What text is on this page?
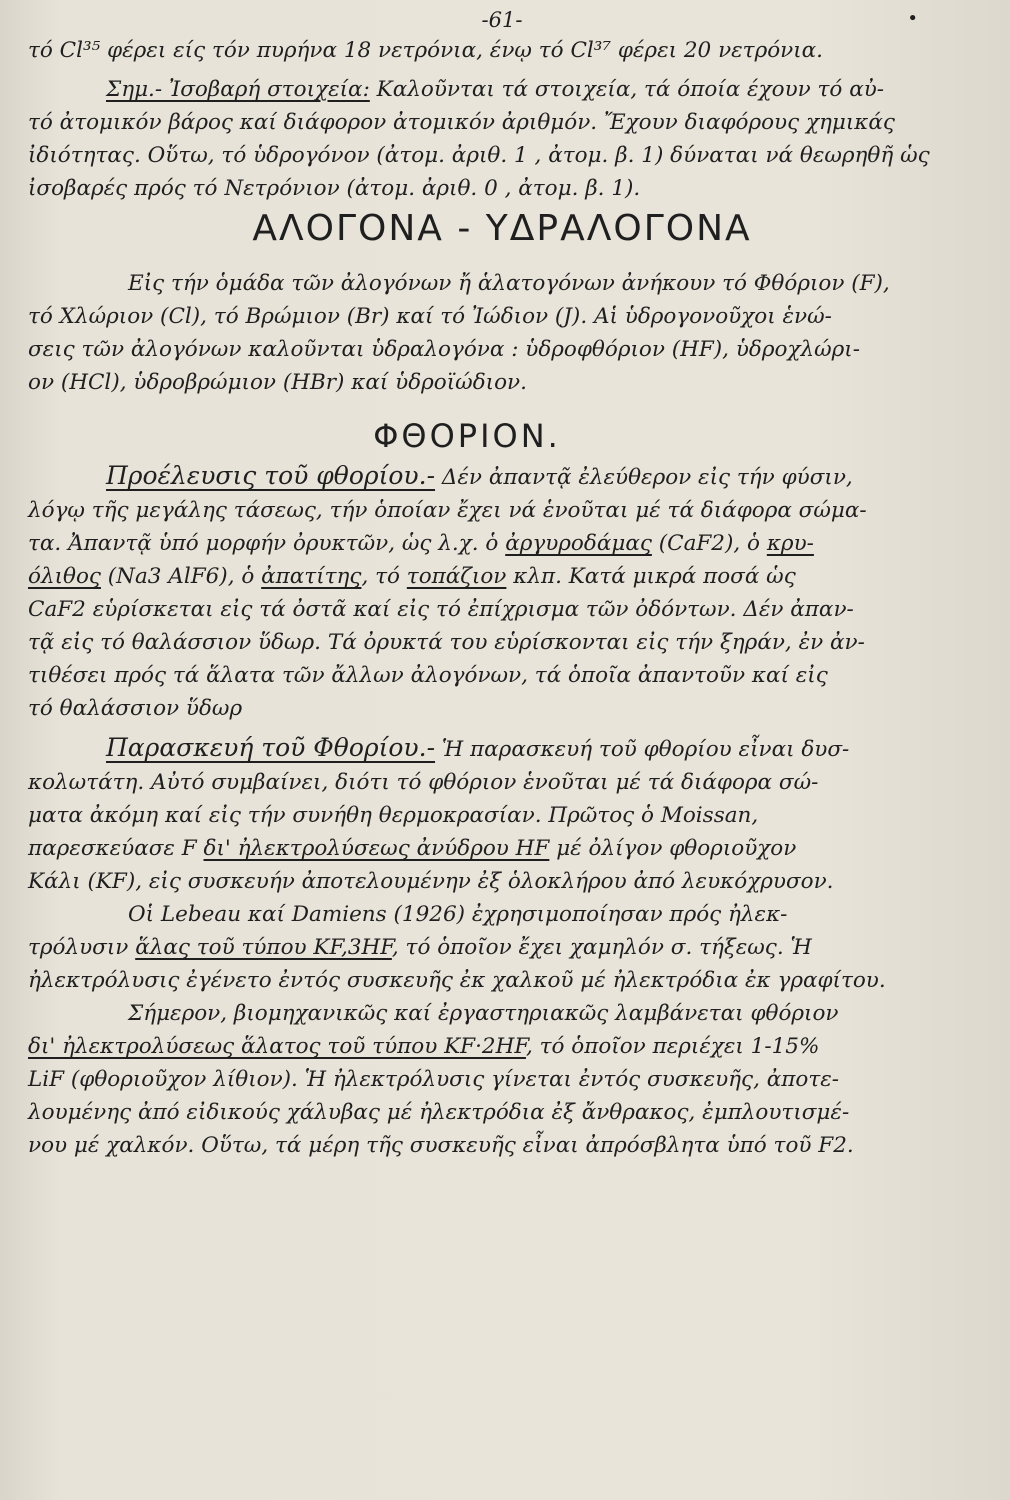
-61-	•

τό Cl³⁵ φέρει είς τόν πυρήνα 18 νετρόνια, ένῳ τό Cl³⁷ φέρει 20 νετρόνια.

Σημ.- Ἰσοβαρή στοιχεία: Καλοῦνται τά στοιχεία, τά όποία έχουν τό αὐ-

τό ἀτομικόν βάρος καί διάφορον ἀτομικόν ἀριθμόν. Ἔχουν διαφόρους χημικάς

ἰδιότητας. Οὕτω, τό ὑδρογόνον (ἀτομ. ἀριθ. 1 , ἀτομ. β. 1) δύναται νά θεωρηθῆ ὡς

ἰσοβαρές πρός τό Νετρόνιον (ἀτομ. ἀριθ. 0 , ἀτομ. β. 1).

ΑΛΟΓΟΝΑ - ΥΔΡΑΛΟΓΟΝΑ

Εἰς τήν ὁμάδα τῶν ἀλογόνων ἤ ἁλατογόνων ἀνήκουν τό Φθόριον (F),

τό Χλώριον (Cl), τό Βρώμιον (Br) καί τό Ἰώδιον (J). Αἱ ὑδρογονοῦχοι ἑνώ-

σεις τῶν ἀλογόνων καλοῦνται ὑδραλογόνα : ὑδροφθόριον (HF), ὑδροχλώρι-

ον (HCl), ὑδροβρώμιον (HBr) καί ὑδροϊώδιον.

ΦΘΟΡΙΟΝ.

Προέλευσις τοῦ φθορίου.- Δέν ἀπαντᾷ ἐλεύθερον εἰς τήν φύσιν,

λόγῳ τῆς μεγάλης τάσεως, τήν ὁποίαν ἔχει νά ἑνοῦται μέ τά διάφορα σώμα-

τα. Ἀπαντᾷ ὑπό μορφήν ὀρυκτῶν, ὡς λ.χ. ὁ ἀργυροδάμας (CaF2), ὁ κρυ-

όλιθος (Na3 AlF6), ὁ ἀπατίτης, τό τοπάζιον κλπ. Κατά μικρά ποσά ὡς

CaF2 εὑρίσκεται εἰς τά ὀστᾶ καί εἰς τό ἐπίχρισμα τῶν ὀδόντων. Δέν ἀπαν-

τᾷ εἰς τό θαλάσσιον ὕδωρ. Τά ὀρυκτά του εὑρίσκονται εἰς τήν ξηράν, ἐν ἀν-

τιθέσει πρός τά ἅλατα τῶν ἄλλων ἀλογόνων, τά ὁποῖα ἀπαντοῦν καί εἰς

τό θαλάσσιον ὕδωρ

Παρασκευή τοῦ Φθορίου.- Ἡ παρασκευή τοῦ φθορίου εἶναι δυσ-

κολωτάτη. Αὐτό συμβαίνει, διότι τό φθόριον ἑνοῦται μέ τά διάφορα σώ-

ματα ἀκόμη καί εἰς τήν συνήθη θερμοκρασίαν. Πρῶτος ὁ Moissan,

παρεσκεύασε F δι' ἠλεκτρολύσεως ἀνύδρου HF μέ ὀλίγον φθοριοῦχον

Κάλι (KF), εἰς συσκευήν ἀποτελουμένην ἐξ ὁλοκλήρου ἀπό λευκόχρυσον.

Οἱ Lebeau καί Damiens (1926) ἐχρησιμοποίησαν πρός ἠλεκ-

τρόλυσιν ἅλας τοῦ τύπου KF,3HF, τό ὁποῖον ἔχει χαμηλόν σ. τήξεως. Ἡ

ἠλεκτρόλυσις ἐγένετο ἐντός συσκευῆς ἐκ χαλκοῦ μέ ἠλεκτρόδια ἐκ γραφίτου.

Σήμερον, βιομηχανικῶς καί ἐργαστηριακῶς λαμβάνεται φθόριον

δι' ἠλεκτρολύσεως ἅλατος τοῦ τύπου KF·2HF, τό ὁποῖον περιέχει 1-15%

LiF (φθοριοῦχον λίθιον). Ἡ ἠλεκτρόλυσις γίνεται ἐντός συσκευῆς, ἀποτε-

λουμένης ἀπό εἰδικούς χάλυβας μέ ἠλεκτρόδια ἐξ ἄνθρακος, ἐμπλουτισμέ-

νου μέ χαλκόν. Οὕτω, τά μέρη τῆς συσκευῆς εἶναι ἀπρόσβλητα ὑπό τοῦ F2.
